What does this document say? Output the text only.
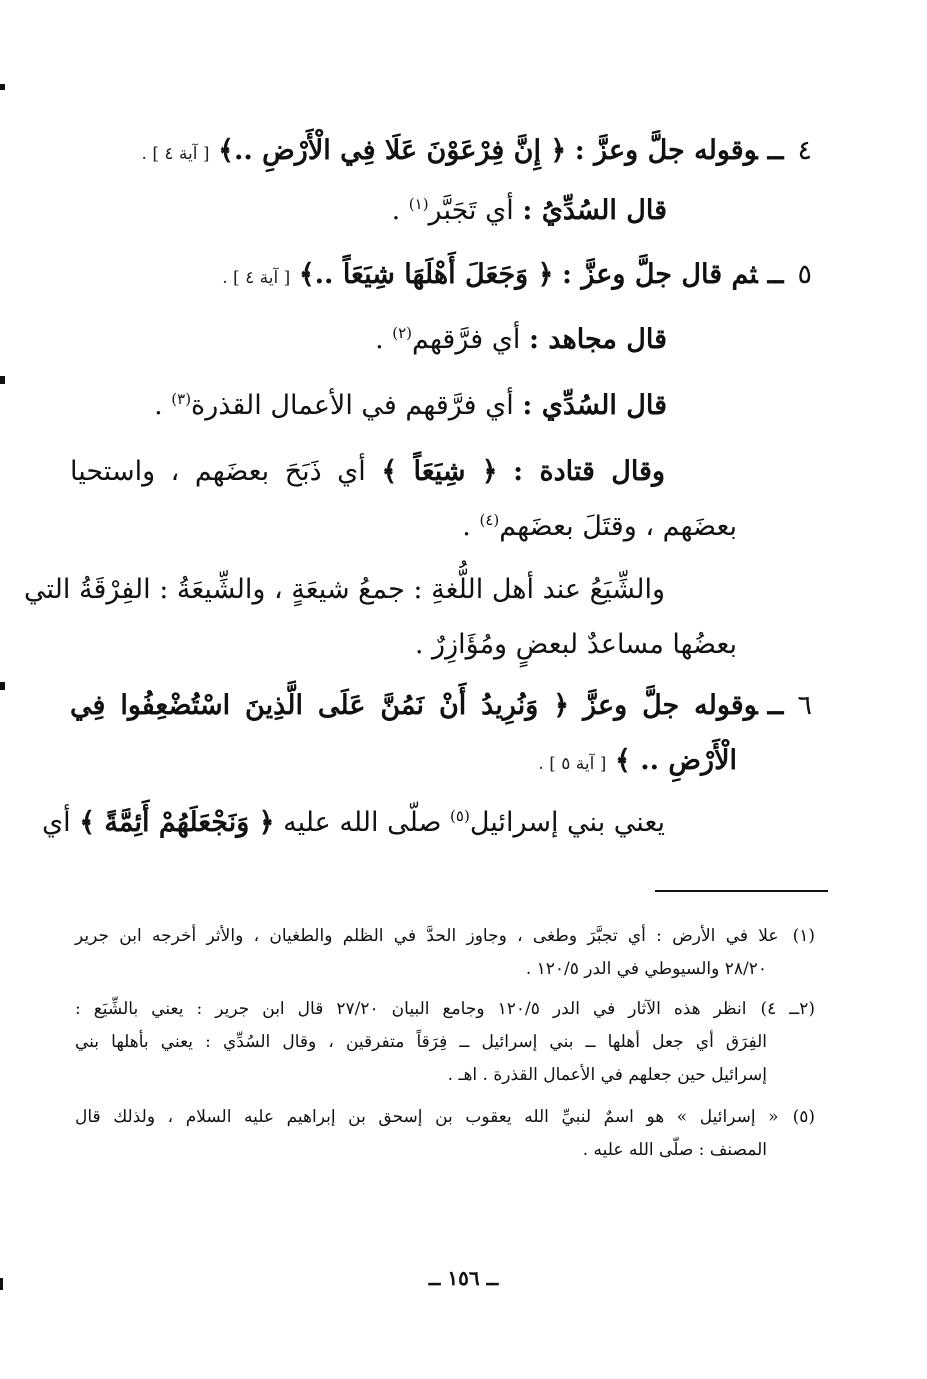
٤ــوقوله جلَّ وعزَّ : ﴿ إِنَّ فِرْعَوْنَ عَلَا فِي الْأَرْضِ ..﴾ [ آية ٤ ] .
قال السُدِّيُ : أي تَجَبَّر$^{(١)}$ .
٥ــثم قال جلَّ وعزَّ : ﴿ وَجَعَلَ أَهْلَهَا شِيَعَاً ..﴾ [ آية ٤ ] .
قال مجاهد : أي فرَّقهم$^{(٢)}$ .
قال السُدِّي : أي فرَّقهم في الأعمال القذرة$^{(٣)}$ .
وقال قتادة : ﴿ شِيَعَاً ﴾ أي ذَبَحَ بعضَهم ، واستحيا
بعضَهم ، وقتَلَ بعضَهم$^{(٤)}$ .
والشِّيَعُ عند أهل اللُّغةِ : جمعُ شيعَةٍ ، والشِّيعَةُ : الفِرْقَةُ التي
بعضُها مساعدٌ لبعضٍ ومُؤَازِرٌ .
٦ــوقوله جلَّ وعزَّ ﴿ وَنُرِيدُ أَنْ نَمُنَّ عَلَى الَّذِينَ اسْتُضْعِفُوا فِي
الْأَرْضِ .. ﴾ [ آية ٥ ] .
يعني بني إسرائيل$^{(٥)}$ صلّى الله عليه ﴿ وَنَجْعَلَهُمْ أَئِمَّةً ﴾ أي
(١)علا في الأرض : أي تجبَّرَ وطغى ، وجاوز الحدَّ في الظلم والطغيان ، والأثر أخرجه ابن جرير
٢٨/٢٠ والسيوطي في الدر ١٢٠/٥ .
(٢ــ ٤)انظر هذه الآثار في الدر ١٢٠/٥ وجامع البيان ٢٧/٢٠ قال ابن جرير : يعني بالشِّيَع :
الفِرَق أي جعل أهلها ــ بني إسرائيل ــ فِرَقاً متفرقين ، وقال السُدِّي : يعني بأهلها بني
إسرائيل حين جعلهم في الأعمال القذرة . اهـ .
(٥)« إسرائيل » هو اسمٌ لنبيِّ الله يعقوب بن إسحق بن إبراهيم عليه السلام ، ولذلك قال
المصنف : صلّى الله عليه .
ــ ١٥٦ ــ
